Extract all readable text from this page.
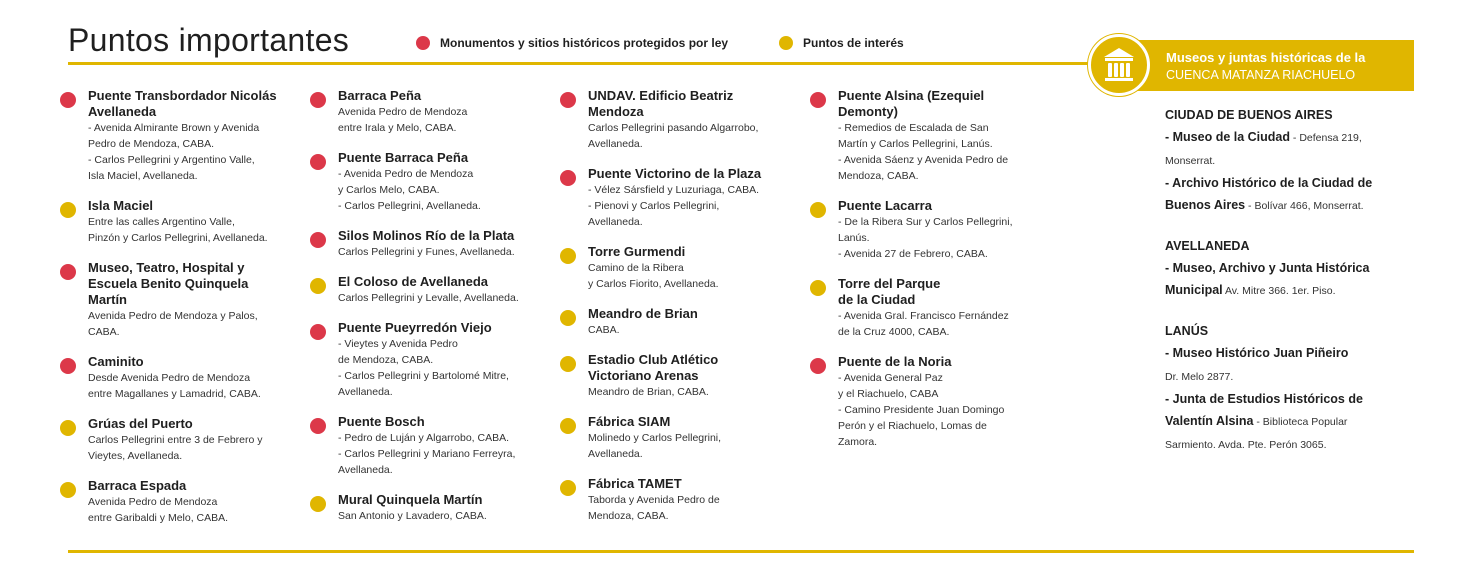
Puntos importantes	Monumentos y sitios históricos protegidos por ley	Puntos de interés
Museos y juntas históricas de la
CUENCA MATANZA RIACHUELO
Puente Transbordador Nicolás
Avellaneda
- Avenida Almirante Brown y Avenida
Pedro de Mendoza, CABA.
- Carlos Pellegrini y Argentino Valle,
Isla Maciel, Avellaneda.
Isla Maciel
Entre las calles Argentino Valle,
Pinzón y Carlos Pellegrini, Avellaneda.
Museo, Teatro, Hospital y
Escuela Benito Quinquela
Martín
Avenida Pedro de Mendoza y Palos,
CABA.
Caminito
Desde Avenida Pedro de Mendoza
entre Magallanes y Lamadrid, CABA.
Grúas del Puerto
Carlos Pellegrini entre 3 de Febrero y
Vieytes, Avellaneda.
Barraca Espada
Avenida Pedro de Mendoza
entre Garibaldi y Melo, CABA.
Barraca Peña
Avenida Pedro de Mendoza
entre Irala y Melo, CABA.
Puente Barraca Peña
- Avenida Pedro de Mendoza
y Carlos Melo, CABA.
- Carlos Pellegrini, Avellaneda.
Silos Molinos Río de la Plata
Carlos Pellegrini y Funes, Avellaneda.
El Coloso de Avellaneda
Carlos Pellegrini y Levalle, Avellaneda.
Puente Pueyrredón Viejo
- Vieytes y Avenida Pedro
de Mendoza, CABA.
- Carlos Pellegrini y Bartolomé Mitre,
Avellaneda.
Puente Bosch
- Pedro de Luján y Algarrobo, CABA.
- Carlos Pellegrini y Mariano Ferreyra,
Avellaneda.
Mural Quinquela Martín
San Antonio y Lavadero, CABA.
UNDAV. Edificio Beatriz
Mendoza
Carlos Pellegrini pasando Algarrobo,
Avellaneda.
Puente Victorino de la Plaza
- Vélez Sársfield y Luzuriaga, CABA.
- Pienovi y Carlos Pellegrini,
Avellaneda.
Torre Gurmendi
Camino de la Ribera
y Carlos Fiorito, Avellaneda.
Meandro de Brian
CABA.
Estadio Club Atlético
Victoriano Arenas
Meandro de Brian, CABA.
Fábrica SIAM
Molinedo y Carlos Pellegrini,
Avellaneda.
Fábrica TAMET
Taborda y Avenida Pedro de
Mendoza, CABA.
Puente Alsina (Ezequiel
Demonty)
- Remedios de Escalada de San
Martín y Carlos Pellegrini, Lanús.
- Avenida Sáenz y Avenida Pedro de
Mendoza, CABA.
Puente Lacarra
- De la Ribera Sur y Carlos Pellegrini,
Lanús.
- Avenida 27 de Febrero, CABA.
Torre del Parque
de la Ciudad
- Avenida Gral. Francisco Fernández
de la Cruz 4000, CABA.
Puente de la Noria
- Avenida General Paz
y el Riachuelo, CABA
- Camino Presidente Juan Domingo
Perón y el Riachuelo, Lomas de
Zamora.
CIUDAD DE BUENOS AIRES
- Museo de la Ciudad - Defensa 219,
Monserrat.
- Archivo Histórico de la Ciudad de
Buenos Aires - Bolívar 466, Monserrat.
AVELLANEDA
- Museo, Archivo y Junta Histórica
Municipal Av. Mitre 366. 1er. Piso.
LANÚS
- Museo Histórico Juan Piñeiro
Dr. Melo 2877.
- Junta de Estudios Históricos de
Valentín Alsina - Biblioteca Popular
Sarmiento. Avda. Pte. Perón 3065.
